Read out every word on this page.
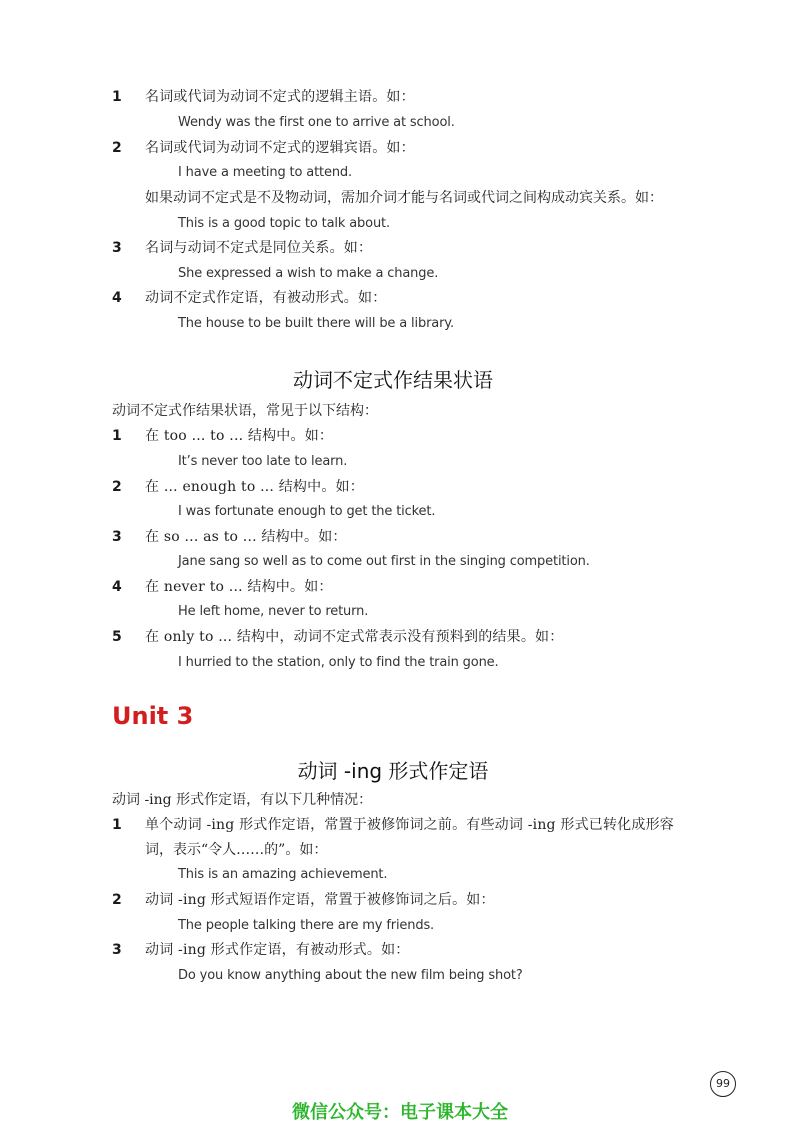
1 名词或代词为动词不定式的逻辑主语。如：
Wendy was the first one to arrive at school.
2 名词或代词为动词不定式的逻辑宾语。如：
I have a meeting to attend.
如果动词不定式是不及物动词，需加介词才能与名词或代词之间构成动宾关系。如：
This is a good topic to talk about.
3 名词与动词不定式是同位关系。如：
She expressed a wish to make a change.
4 动词不定式作定语，有被动形式。如：
The house to be built there will be a library.
动词不定式作结果状语
动词不定式作结果状语，常见于以下结构：
1 在 too ... to ... 结构中。如：
It’s never too late to learn.
2 在 ... enough to ... 结构中。如：
I was fortunate enough to get the ticket.
3 在 so ... as to ... 结构中。如：
Jane sang so well as to come out first in the singing competition.
4 在 never to ... 结构中。如：
He left home, never to return.
5 在 only to ... 结构中，动词不定式常表示没有预料到的结果。如：
I hurried to the station, only to find the train gone.
Unit 3
动词 -ing 形式作定语
动词 -ing 形式作定语，有以下几种情况：
1 单个动词 -ing 形式作定语，常置于被修饰词之前。有些动词 -ing 形式已转化成形容
词，表示“令人……的”。如：
This is an amazing achievement.
2 动词 -ing 形式短语作定语，常置于被修饰词之后。如：
The people talking there are my friends.
3 动词 -ing 形式作定语，有被动形式。如：
Do you know anything about the new film being shot?
99
微信公众号：电子课本大全
